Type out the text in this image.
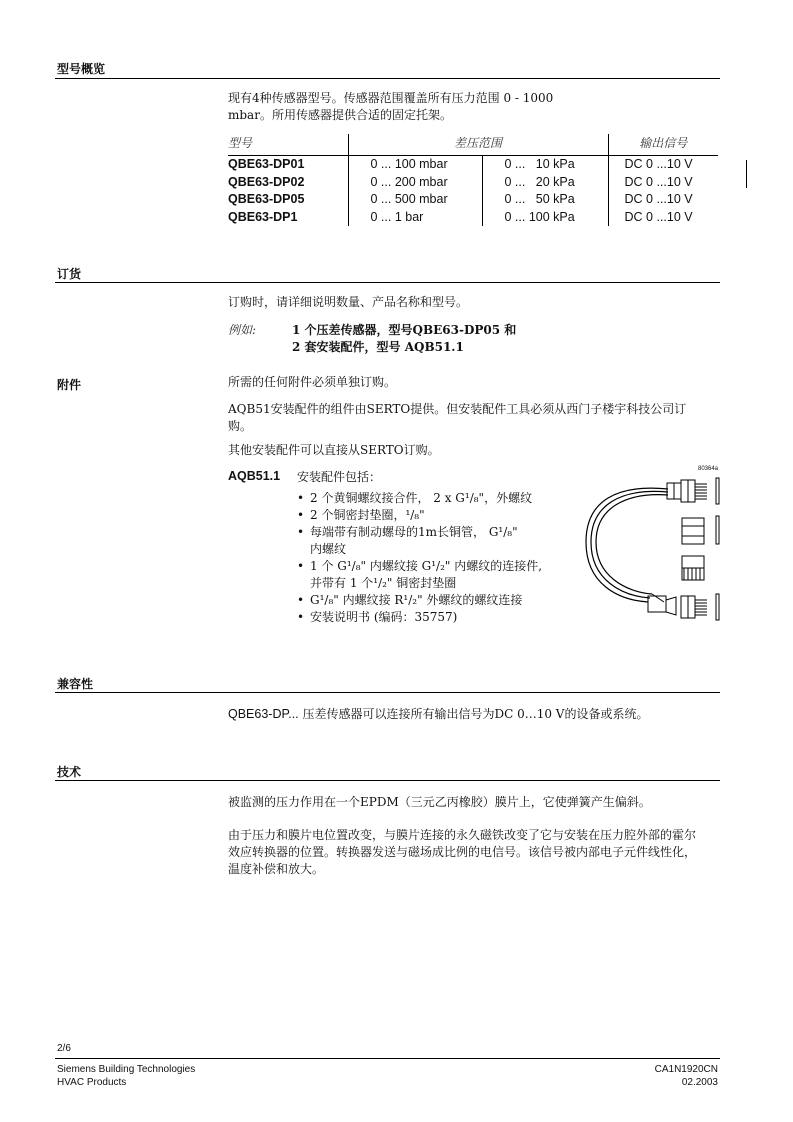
型号概览
现有4种传感器型号。传感器范围覆盖所有压力范围 0 - 1000
mbar。所用传感器提供合适的固定托架。
型号	差压范围		输出信号
QBE63-DP01	0 ... 100 mbar	0 ...   10 kPa	DC 0 ...10 V
QBE63-DP02	0 ... 200 mbar	0 ...   20 kPa	DC 0 ...10 V
QBE63-DP05	0 ... 500 mbar	0 ...   50 kPa	DC 0 ...10 V
QBE63-DP1	0 ... 1 bar	0 ... 100 kPa	DC 0 ...10 V
订货
订购时，请详细说明数量、产品名称和型号。
例如:	1 个压差传感器，型号QBE63-DP05 和
2 套安装配件，型号 AQB51.1
附件	所需的任何附件必须单独订购。
AQB51安装配件的组件由SERTO提供。但安装配件工具必须从西门子楼宇科技公司订
购。
其他安装配件可以直接从SERTO订购。
AQB51.1 安装配件包括：
• 2 个黄铜螺纹接合件， 2 x G¹/₈"，外螺纹
• 2 个铜密封垫圈，¹/₈"
• 每端带有制动螺母的1m长铜管， G¹/₈"
内螺纹
• 1 个 G¹/₈" 内螺纹接 G¹/₂" 内螺纹的连接件,
并带有 1 个¹/₂" 铜密封垫圈
• G¹/₈" 内螺纹接 R¹/₂" 外螺纹的螺纹连接
• 安装说明书 (编码：35757)
80364a
兼容性
QBE63-DP... 压差传感器可以连接所有输出信号为DC 0…10 V的设备或系统。
技术
被监测的压力作用在一个EPDM（三元乙丙橡胶）膜片上，它使弹簧产生偏斜。
由于压力和膜片电位置改变，与膜片连接的永久磁铁改变了它与安装在压力腔外部的霍尔
效应转换器的位置。转换器发送与磁场成比例的电信号。该信号被内部电子元件线性化，
温度补偿和放大。
2/6
Siemens Building Technologies
HVAC Products
CA1N1920CN
02.2003
